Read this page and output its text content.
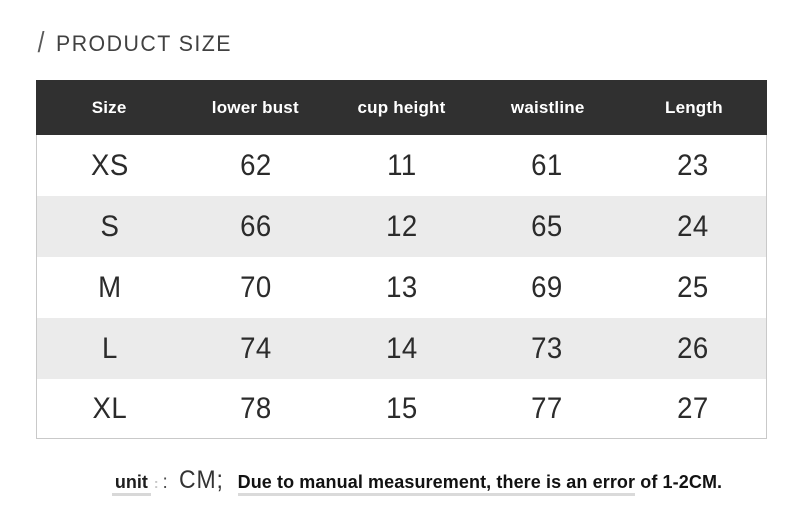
/ PRODUCT SIZE
Size	lower bust	cup height	waistline	Length
XS	62	11	61	23
S	66	12	65	24
M	70	13	69	25
L	74	14	73	26
XL	78	15	77	27
unit : : CM; Due to manual measurement, there is an error of 1-2CM.
